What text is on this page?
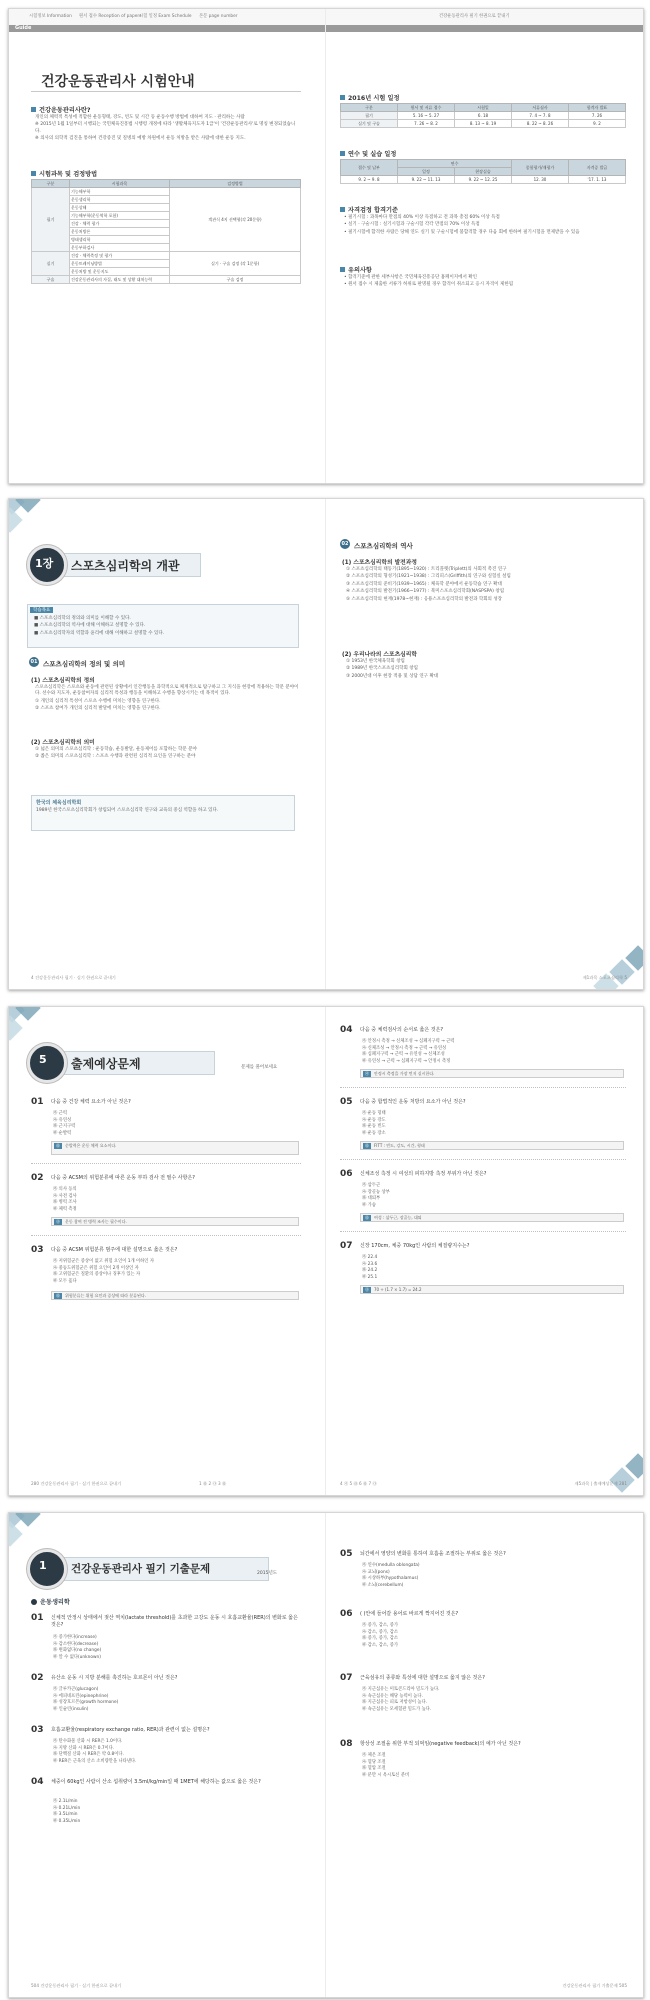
시험정보 Information 원서 접수 Reception of papers
시험 일정 Exam Schedule 본문 page number	건강운동관리사 필기 한권으로 끝내기
Guide
건강운동관리사 시험안내
건강운동관리사란?

개인의 체력적 특성에 적합한 운동형태, 강도, 빈도 및 시간 등 운동수행 방법에 대하여 지도 · 관리하는 사람

※ 2015년 1월 1일부터 시행되는 국민체육진흥법 시행령 개정에 따라 '생활체육지도자 1급'이 '건강운동관리사'로 명칭 변경되었습니다.

※ 의사의 의학적 검진을 통하여 건강증진 및 질병의 예방 차원에서 운동 처방을 받은 사람에 대한 운동 지도.

시험과목 및 검정방법
구분	시험과목	검정방법
필기	기능해부학	객관식 4지 선택형(각 20문항)
	운동생리학	
	운동상해	
	기능해부학(운동역학 포함)	
	건강 · 체력 평가	
	운동처방론	
	병태생리학	
	운동부하검사	
실기	건강 · 체력측정 및 평가	실기 · 구술 검정 (각 1문항)
	운동트레이닝방법	
	운동처방 및 운동지도	
구술	건강운동관리사의 자질, 태도 및 상황 대처능력	구술 검정
2016년 시험 일정
구분	원서 및 서류 접수	시험일	서류심사	합격자 발표
필기	5. 16 ~ 5. 27	6. 18	7. 4 ~ 7. 8	7. 26
실기 및 구술	7. 26 ~ 8. 2	8. 13 ~ 8. 19	8. 22 ~ 8. 26	9. 2
연수 및 실습 일정
접수 및 납부	연수		종합평가/재평가	자격증 발급
	일정	현장실습		
9. 2 ~ 9. 8	9. 22 ~ 11. 13	9. 22 ~ 12. 25	12. 30	'17. 1. 13
자격검정 합격기준

• 필기시험 : 과목마다 만점의 40% 이상 득점하고 전 과목 총점 60% 이상 득점

• 실기 · 구술시험 : 실기시험과 구술시험 각각 만점의 70% 이상 득점

• 필기시험에 합격한 사람은 당해 연도 실기 및 구술시험에 불합격할 경우 다음 회에 한하여 필기시험을 면제받을 수 있음

유의사항

• 합격기준에 관한 세부사항은 국민체육진흥공단 홈페이지에서 확인

• 원서 접수 시 제출한 서류가 허위로 판명될 경우 합격이 취소되고 응시 자격이 제한됨

1장 스포츠심리학의 개관
학습목표

■ 스포츠심리학의 정의와 의미를 이해할 수 있다.

■ 스포츠심리학의 역사에 대해 이해하고 설명할 수 있다.

■ 스포츠심리학자의 역할과 윤리에 대해 이해하고 설명할 수 있다.

01 스포츠심리학의 정의 및 의미
(1) 스포츠심리학의 정의

스포츠심리학은 스포츠와 운동에 관련된 상황에서 인간행동을 과학적으로 체계적으로 탐구하고 그 지식을 현장에 적용하는 학문 분야이다. 선수와 지도자, 운동참여자의 심리적 특성과 행동을 이해하고 수행을 향상시키는 데 목적이 있다.

① 개인의 심리적 특성이 스포츠 수행에 미치는 영향을 연구한다.

② 스포츠 참여가 개인의 심리적 발달에 미치는 영향을 연구한다.

(2) 스포츠심리학의 의미

① 넓은 의미의 스포츠심리학 : 운동학습, 운동발달, 운동제어를 포함하는 학문 분야

② 좁은 의미의 스포츠심리학 : 스포츠 수행과 관련된 심리적 요인을 연구하는 분야

한국의 체육심리학회
1989년 한국스포츠심리학회가 창립되어 스포츠심리학 연구와 교육의 중심 역할을 하고 있다.
4 건강운동관리사 필기 · 실기 한권으로 끝내기
02 스포츠심리학의 역사
(1) 스포츠심리학의 발전과정

① 스포츠심리학의 태동기(1895~1920) : 트리플렛(Triplett)의 사회적 촉진 연구

② 스포츠심리학의 형성기(1921~1938) : 그리피스(Griffith)의 연구와 실험실 설립

③ 스포츠심리학의 준비기(1939~1965) : 체육학 분야에서 운동학습 연구 확대

④ 스포츠심리학의 발전기(1966~1977) : 북미스포츠심리학회(NASPSPA) 창립

⑤ 스포츠심리학의 현재(1978~현재) : 응용스포츠심리학의 발전과 학회의 성장

(2) 우리나라의 스포츠심리학

① 1953년 한국체육학회 창립

② 1989년 한국스포츠심리학회 창립

③ 2000년대 이후 현장 적용 및 상담 연구 확대

제1과목 스포츠심리학 5
5 출제예상문제	문제를 풀어보세요
01 다음 중 건강 체력 요소가 아닌 것은?
㉮ 근력
㉯ 유연성
㉰ 근지구력
㉱ 순발력
㉱ 순발력은 운동 체력 요소이다.
02 다음 중 ACSM의 위험분류에 따른 운동 부하 검사 전 필수 사항은?
㉮ 의사 동의
㉯ 사전 검사
㉰ 병력 조사
㉱ 체력 측정
㉰ 운동 참여 전 병력 조사는 필수이다.
03 다음 중 ACSM 위험분류 범주에 대한 설명으로 옳은 것은?
㉮ 저위험군은 증상이 없고 위험 요인이 1개 이하인 자
㉯ 중등도위험군은 위험 요인이 2개 이상인 자
㉰ 고위험군은 질환의 증상이나 징후가 있는 자
㉱ 모두 옳다
㉱ 위험분류는 위험 요인과 증상에 따라 분류된다.
280 건강운동관리사 필기 · 실기 한권으로 끝내기	1 ㉱ 2 ㉰ 3 ㉱
04 다음 중 체력검사의 순서로 옳은 것은?
㉮ 안정시 측정 → 신체조성 → 심폐지구력 → 근력
㉯ 신체조성 → 안정시 측정 → 근력 → 유연성
㉰ 심폐지구력 → 근력 → 유연성 → 신체조성
㉱ 유연성 → 근력 → 심폐지구력 → 안정시 측정
㉮ 안정시 측정을 가장 먼저 실시한다.
05 다음 중 합법적인 운동 처방의 요소가 아닌 것은?
㉮ 운동 형태
㉯ 운동 강도
㉰ 운동 빈도
㉱ 운동 장소
㉱ FITT : 빈도, 강도, 시간, 형태
06 신체조성 측정 시 여성의 피하지방 측정 부위가 아닌 것은?
㉮ 삼두근
㉯ 장골능 상부
㉰ 대퇴부
㉱ 가슴
㉱ 여성 : 삼두근, 장골능, 대퇴
07 신장 170cm, 체중 70kg인 사람의 체질량지수는?
㉮ 22.4
㉯ 23.6
㉰ 24.2
㉱ 25.1
㉰ 70 ÷ (1.7 × 1.7) = 24.2
4 ㉮ 5 ㉱ 6 ㉱ 7 ㉰	제5과목 | 출제예상문제 281
1 건강운동관리사 필기 기출문제	2015년도
운동생리학
01 신체적 안정시 상태에서 젖산 역치(lactate threshold)를 초과한 고강도 운동 시 호흡교환율(RER)의 변화로 옳은 것은?
㉮ 증가한다(increase)
㉯ 감소한다(decrease)
㉰ 변화없다(no change)
㉱ 알 수 없다(unknown)
02 유산소 운동 시 지방 분해를 촉진하는 호르몬이 아닌 것은?
㉮ 글루카곤(glucagon)
㉯ 에피네프린(epinephrine)
㉰ 성장호르몬(growth hormone)
㉱ 인슐린(insulin)
03 호흡교환율(respiratory exchange ratio, RER)과 관련이 없는 설명은?
㉮ 탄수화물 산화 시 RER은 1.0이다.
㉯ 지방 산화 시 RER은 0.7이다.
㉰ 단백질 산화 시 RER은 약 0.8이다.
㉱ RER은 근육의 산소 소비량만을 나타낸다.
04 체중이 60kg인 사람이 산소 섭취량이 3.5ml/kg/min일 때 1MET에 해당하는 값으로 옳은 것은?
㉮ 2.1L/min
㉯ 0.21L/min
㉰ 3.5L/min
㉱ 0.35L/min
504 건강운동관리사 필기 · 실기 한권으로 끝내기
05 뇌간에서 영양의 변화를 통하여 호흡을 조절하는 부위로 옳은 것은?
㉮ 연수(medulla oblongata)
㉯ 교뇌(pons)
㉰ 시상하부(hypothalamus)
㉱ 소뇌(cerebellum)
06 ( )안에 들어갈 용어로 바르게 짝지어진 것은?
㉮ 증가, 감소, 증가
㉯ 감소, 증가, 감소
㉰ 증가, 증가, 감소
㉱ 감소, 감소, 증가
07 근육섬유의 종류와 특성에 대한 설명으로 옳지 않은 것은?
㉮ 지근섬유는 미토콘드리아 밀도가 높다.
㉯ 속근섬유는 해당 능력이 높다.
㉰ 지근섬유는 피로 저항성이 높다.
㉱ 속근섬유는 모세혈관 밀도가 높다.
08 항상성 조절을 위한 부적 되먹임(negative feedback)의 예가 아닌 것은?
㉮ 체온 조절
㉯ 혈당 조절
㉰ 혈압 조절
㉱ 분만 시 옥시토신 분비
건강운동관리사 필기 기출문제 505
